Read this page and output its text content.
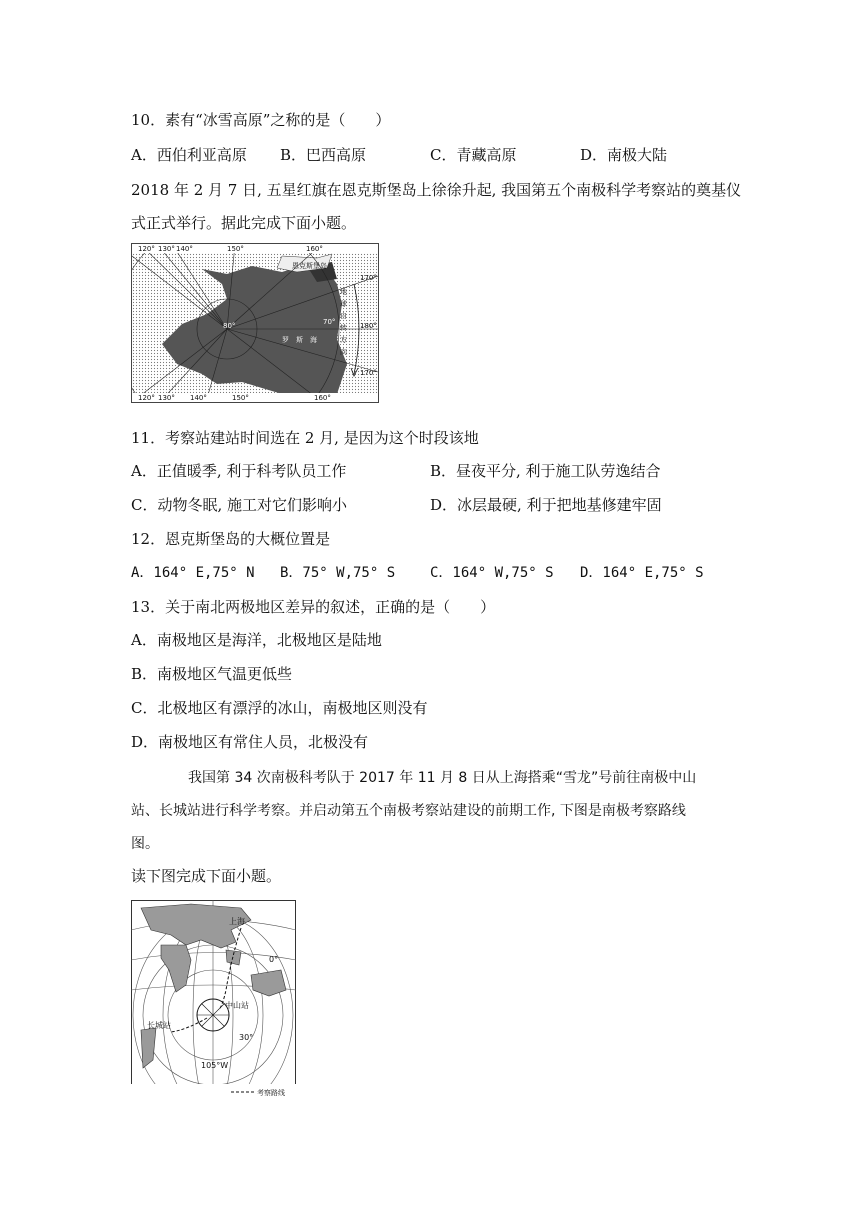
10．素有“冰雪高原”之称的是（　　）
A．西伯利亚高原 B．巴西高原	C．青藏高原	D．南极大陆
2018 年 2 月 7 日, 五星红旗在恩克斯堡岛上徐徐升起, 我国第五个南极科学考察站的奠基仪
式正式举行。据此完成下面小题。
120° 130° 140°	150°	160°
120° 130° 140°	150°	160°
170°
180°
170°
80°	70°
恩克斯堡岛
罗　斯　海
地球自转方向
11．考察站建站时间选在 2 月, 是因为这个时段该地
A．正值暖季, 利于科考队员工作	B．昼夜平分, 利于施工队劳逸结合
C．动物冬眠, 施工对它们影响小	D．冰层最硬, 利于把地基修建牢固
12．恩克斯堡岛的大概位置是
A．164° E,75° N B．75° W,75° S C．164° W,75° S D．164° E,75° S
13．关于南北两极地区差异的叙述，正确的是（　　）
A．南极地区是海洋，北极地区是陆地
B．南极地区气温更低些
C．北极地区有漂浮的冰山，南极地区则没有
D．南极地区有常住人员，北极没有
我国第 34 次南极科考队于 2017 年 11 月 8 日从上海搭乘“雪龙”号前往南极中山
站、长城站进行科学考察。并启动第五个南极考察站建设的前期工作, 下图是南极考察路线
图。
读下图完成下面小题。
上海
0°
中山站
长城站
30°
105°W
考察路线
